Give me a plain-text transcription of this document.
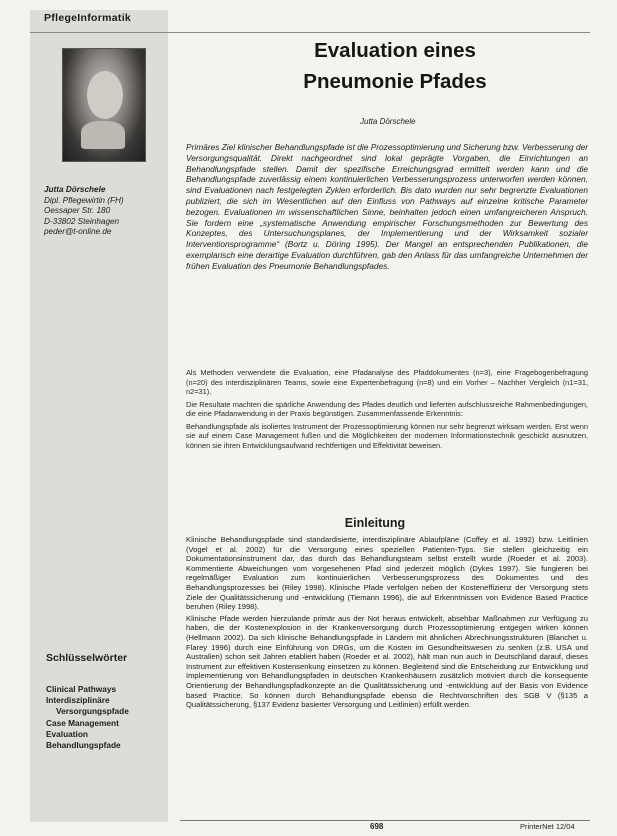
PflegeInformatik
Jutta Dörschele
Dipl. Pflegewirtin (FH)
Oessaper Str. 180
D-33802 Steinhagen
peder@t-online.de
Schlüsselwörter
Clinical Pathways
Interdisziplinäre Versorgungspfade
Case Management
Evaluation
Behandlungspfade
Evaluation eines
Pneumonie Pfades
Jutta Dörschele
Primäres Ziel klinischer Behandlungspfade ist die Prozessoptimierung und Sicherung bzw. Verbesserung der Versorgungsqualität. Direkt nachgeordnet sind lokal geprägte Vorgaben, die Einrichtungen an Behandlungspfade stellen. Damit der spezifische Erreichungsgrad ermittelt werden kann und die Behandlungspfade zuverlässig einem kontinuierlichen Verbesserungsprozess unterworfen werden können, sind Evaluationen nach festgelegten Zyklen erforderlich. Bis dato wurden nur sehr begrenzte Evaluationen publiziert, die sich im Wesentlichen auf den Einfluss von Pathways auf einzelne kritische Parameter bezogen. Evaluationen im wissenschaftlichen Sinne, beinhalten jedoch einen umfangreicheren Anspruch. Sie fordern eine „systematische Anwendung empirischer Forschungsmethoden zur Bewertung des Konzeptes, des Untersuchungsplanes, der Implementierung und der Wirksamkeit sozialer Interventionsprogramme“ (Bortz u. Döring 1995). Der Mangel an entsprechenden Publikationen, die exemplarisch eine derartige Evaluation durchführen, gab den Anlass für das umfangreiche Unternehmen der frühen Evaluation des Pneumonie Behandlungspfades.

Als Methoden verwendete die Evaluation, eine Pfadanalyse des Pfaddokumentes (n=3), eine Fragebogenbefragung (n=20) des interdisziplinären Teams, sowie eine Expertenbefragung (n=8) und ein Vorher – Nachher Vergleich (n1=31, n2=31).

Die Resultate machten die spärliche Anwendung des Pfades deutlich und lieferten aufschlussreiche Rahmenbedingungen, die eine Pfadanwendung in der Praxis begünstigen. Zusammenfassende Erkenntnis:

Behandlungspfade als isoliertes Instrument der Prozessoptimierung können nur sehr begrenzt wirksam werden. Erst wenn sie auf einem Case Management fußen und die Möglichkeiten der modernen Informationstechnik geschickt ausnutzen, können sie ihren Entwicklungsaufwand rechtfertigen und Effektivität beweisen.

Einleitung

Klinische Behandlungspfade sind standardisierte, interdisziplinäre Ablaufpläne (Coffey et al. 1992) bzw. Leitlinien (Vogel et al. 2002) für die Versorgung eines speziellen Patienten-Typs. Sie stellen gleichzeitig ein Dokumentationsinstrument dar, das durch das Behandlungsteam selbst erstellt wurde (Roeder et al. 2003). Kommentierte Abweichungen vom vorgesehenen Pfad sind jederzeit möglich (Dykes 1997). Sie fungieren bei regelmäßiger Evaluation zum kontinuierlichen Verbesserungsprozess des Dokumentes und des Behandlungsprozesses bei (Riley 1998). Klinische Pfade verfolgen neben der Kosteneffizienz der Versorgung stets Ziele der Qualitätssicherung und -entwicklung (Tiemann 1996), die auf Erkenntnissen von Evidence Based Practice beruhen (Riley 1998).

Klinische Pfade werden hierzulande primär aus der Not heraus entwickelt, absehbar Maßnahmen zur Verfügung zu haben, die der Kostenexplosion in der Krankenversorgung durch Prozessoptimierung entgegen wirken können (Hellmann 2002). Da sich klinische Behandlungspfade in Ländern mit ähnlichen Abrechnungsstrukturen (Blanchet u. Flarey 1996) durch eine Einführung von DRGs, um die Kosten im Gesundheitswesen zu senken (z.B. USA und Australien) schon seit Jahren etabliert haben (Roeder et al. 2002), hält man nun auch in Deutschland darauf, dieses Instrument zur effektiven Kostensenkung einsetzen zu können. Begleitend sind die Entscheidung zur Entwicklung und Implementierung von Behandlungspfaden in deutschen Krankenhäusern zusätzlich motiviert durch die konsequente Orientierung der Behandlungspfadkonzepte an die Qualitätssicherung und -entwicklung auf der Basis von Evidence based Practice. So können durch Behandlungspfade ebenso die Rechtvorschriften des SGB V (§135 a Qualitätssicherung, §137 Evidenz basierter Versorgung und Leitlinien) erfüllt werden.

698	PrinterNet 12/04
